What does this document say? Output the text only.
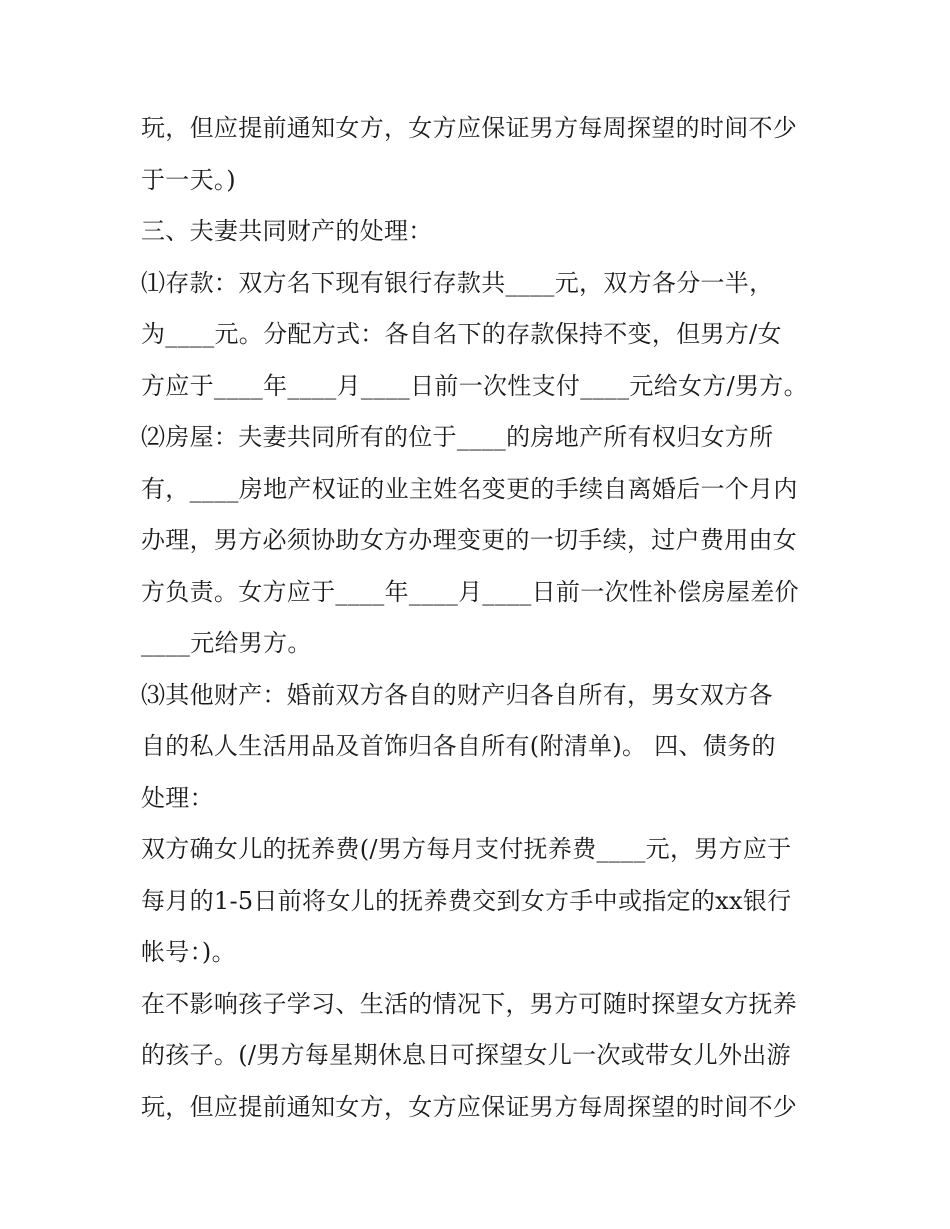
玩，但应提前通知女方，女方应保证男方每周探望的时间不少
于一天。)
三、夫妻共同财产的处理：
⑴存款：双方名下现有银行存款共____元，双方各分一半，
为____元。分配方式：各自名下的存款保持不变，但男方/女
方应于____年____月____日前一次性支付____元给女方/男方。
⑵房屋：夫妻共同所有的位于____的房地产所有权归女方所
有，____房地产权证的业主姓名变更的手续自离婚后一个月内
办理，男方必须协助女方办理变更的一切手续，过户费用由女
方负责。女方应于____年____月____日前一次性补偿房屋差价
____元给男方。
⑶其他财产：婚前双方各自的财产归各自所有，男女双方各
自的私人生活用品及首饰归各自所有(附清单)。 四、债务的
处理：
双方确女儿的抚养费(/男方每月支付抚养费____元，男方应于
每月的1-5日前将女儿的抚养费交到女方手中或指定的xx银行
帐号：)。
在不影响孩子学习、生活的情况下，男方可随时探望女方抚养
的孩子。(/男方每星期休息日可探望女儿一次或带女儿外出游
玩，但应提前通知女方，女方应保证男方每周探望的时间不少
